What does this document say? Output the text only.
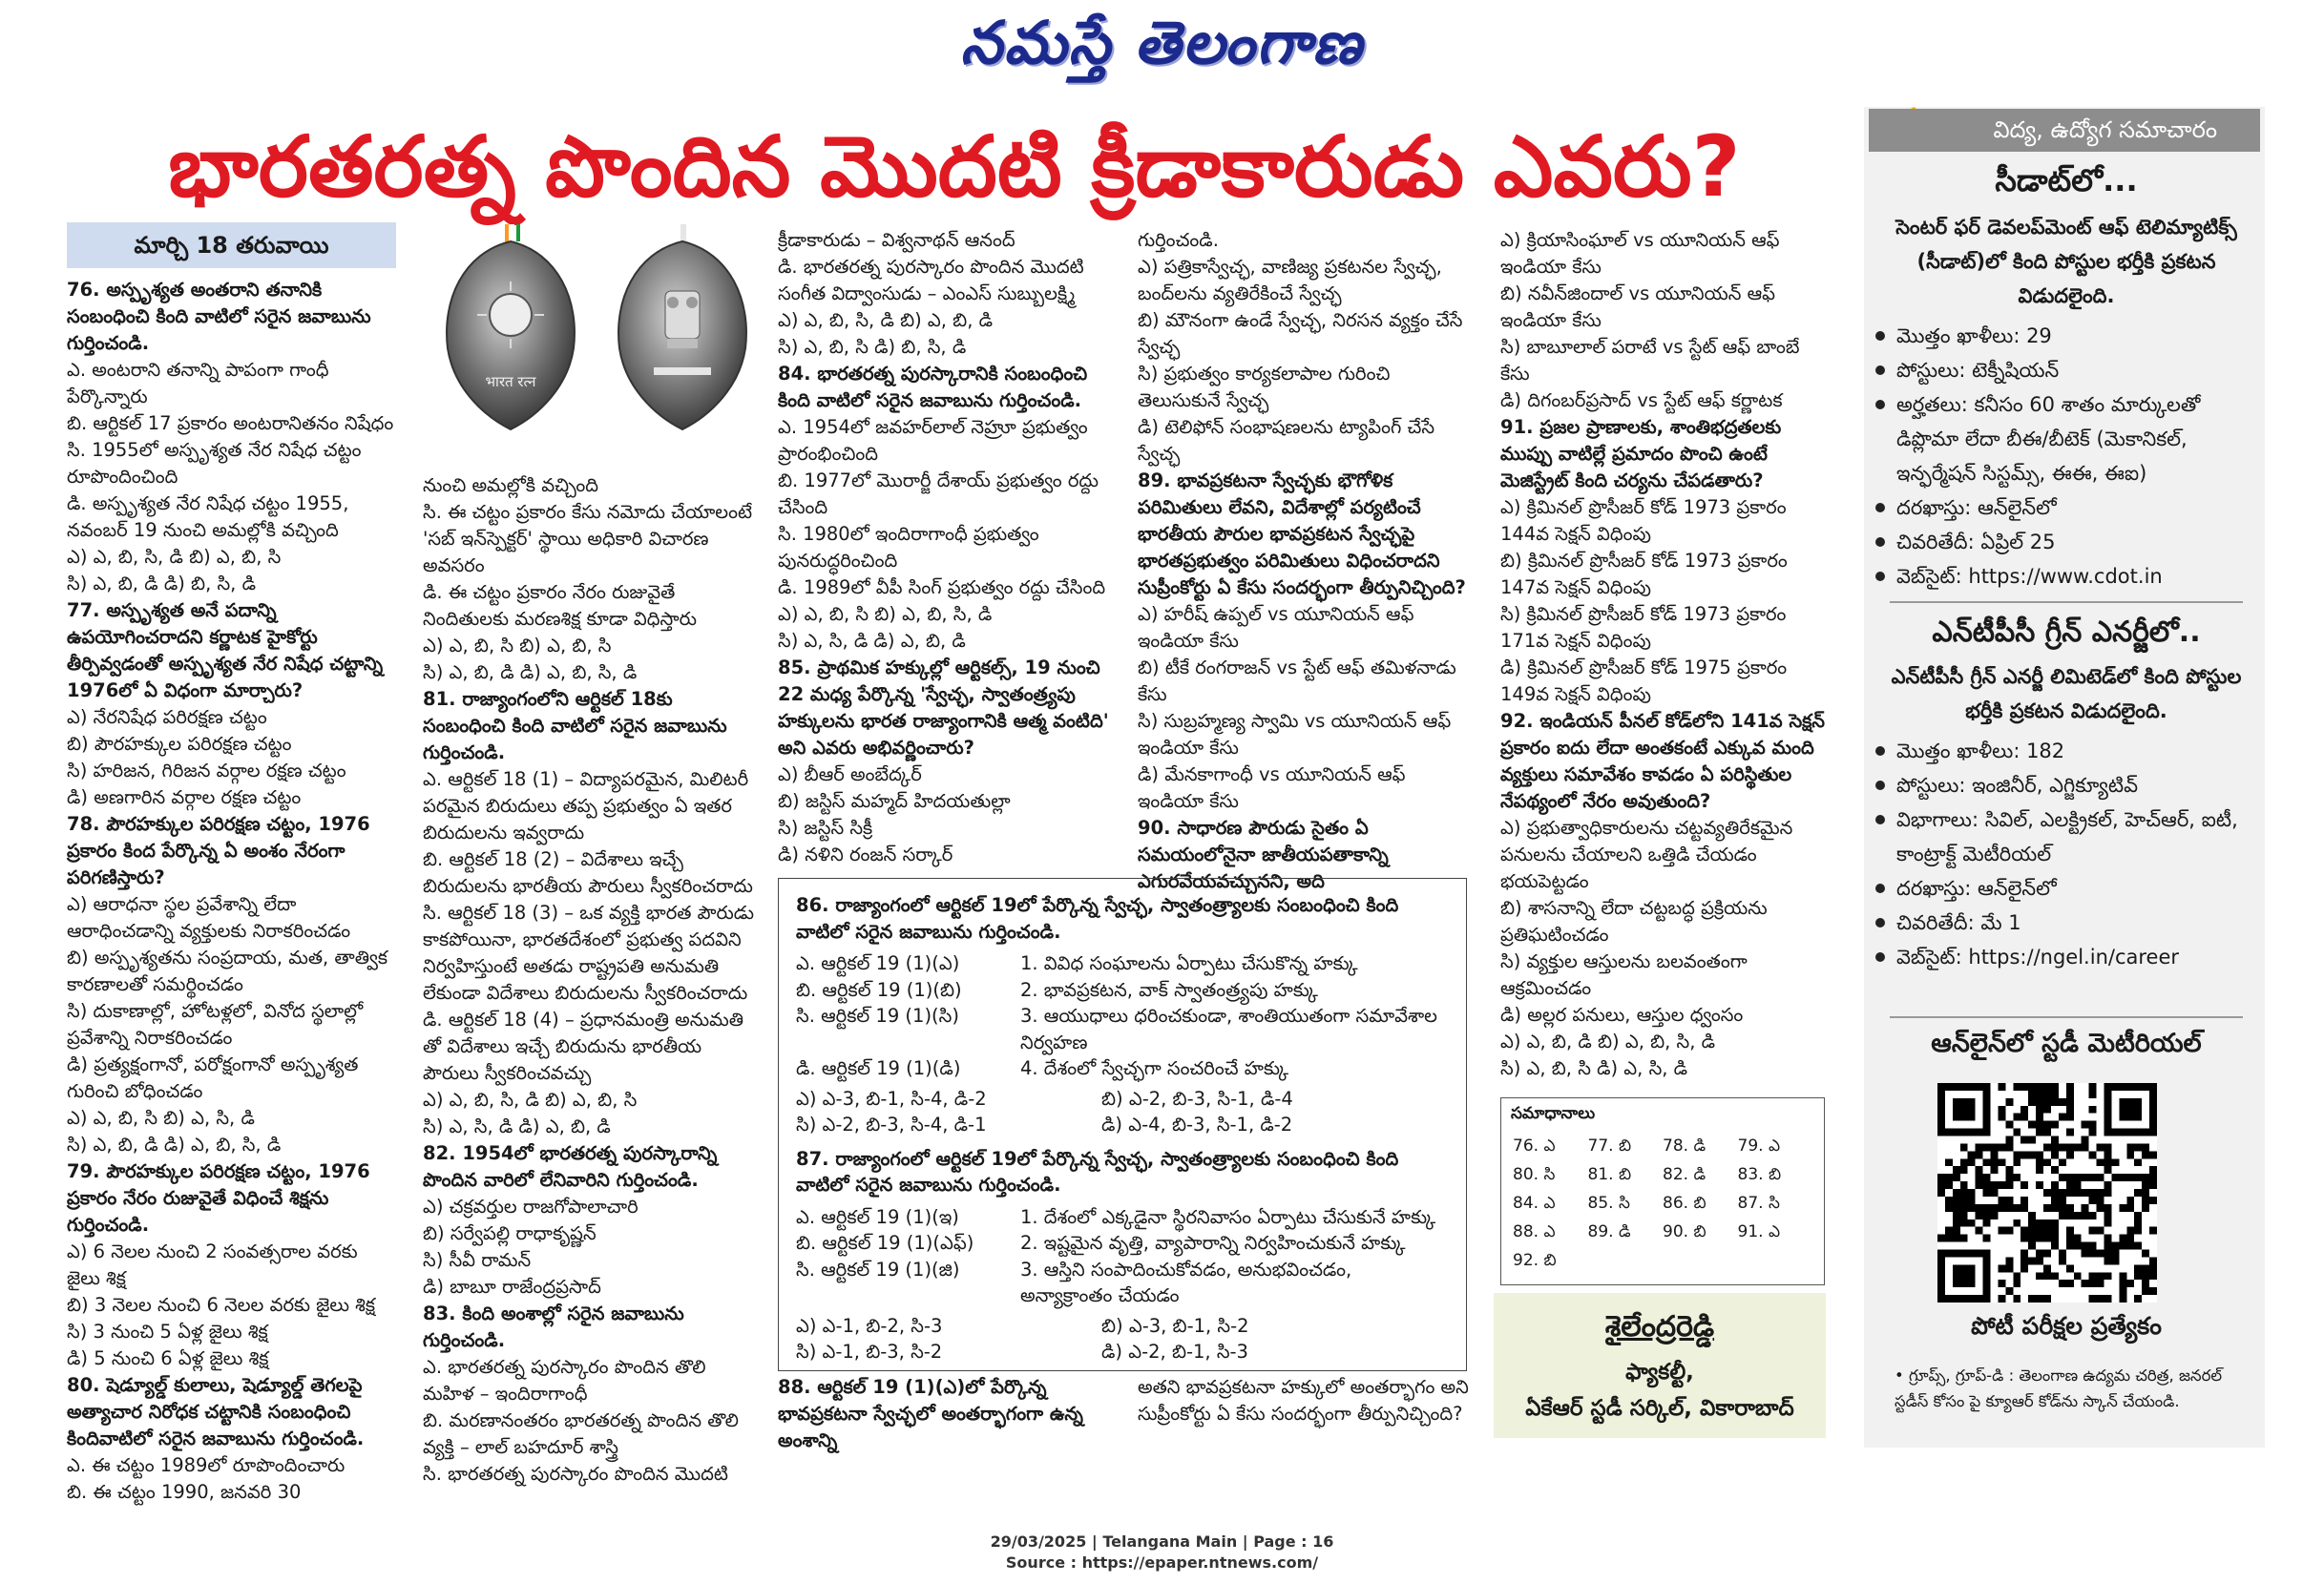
నమస్తే తెలంగాణ
భారతరత్న పొందిన మొదటి క్రీడాకారుడు ఎవరు?
మార్చి 18 తరువాయి
भारत रत्न

76. అస్పృశ్యత అంతరాని తనానికి సంబంధించి కింది వాటిలో సరైన జవాబును గుర్తించండి.

ఎ. అంటరాని తనాన్ని పాపంగా గాంధీ పేర్కొన్నారు

బి. ఆర్టికల్ 17 ప్రకారం అంటరానితనం నిషేధం

సి. 1955లో అస్పృశ్యత నేర నిషేధ చట్టం రూపొందించింది

డి. అస్పృశ్యత నేర నిషేధ చట్టం 1955, నవంబర్ 19 నుంచి అమల్లోకి వచ్చింది

ఎ) ఎ, బి, సి, డి బి) ఎ, బి, సి

సి) ఎ, బి, డి డి) బి, సి, డి

77. అస్పృశ్యత అనే పదాన్ని ఉపయోగించరాదని కర్ణాటక హైకోర్టు తీర్పివ్వడంతో అస్పృశ్యత నేర నిషేధ చట్టాన్ని 1976లో ఏ విధంగా మార్చారు?

ఎ) నేరనిషేధ పరిరక్షణ చట్టం

బి) పౌరహక్కుల పరిరక్షణ చట్టం

సి) హరిజన, గిరిజన వర్గాల రక్షణ చట్టం

డి) అణగారిన వర్గాల రక్షణ చట్టం

78. పౌరహక్కుల పరిరక్షణ చట్టం, 1976 ప్రకారం కింద పేర్కొన్న ఏ అంశం నేరంగా పరిగణిస్తారు?

ఎ) ఆరాధనా స్థల ప్రవేశాన్ని లేదా ఆరాధించడాన్ని వ్యక్తులకు నిరాకరించడం

బి) అస్పృశ్యతను సంప్రదాయ, మత, తాత్విక కారణాలతో సమర్థించడం

సి) దుకాణాల్లో, హోటళ్లలో, వినోద స్థలాల్లో ప్రవేశాన్ని నిరాకరించడం

డి) ప్రత్యక్షంగానో, పరోక్షంగానో అస్పృశ్యత గురించి బోధించడం

ఎ) ఎ, బి, సి బి) ఎ, సి, డి

సి) ఎ, బి, డి డి) ఎ, బి, సి, డి

79. పౌరహక్కుల పరిరక్షణ చట్టం, 1976 ప్రకారం నేరం రుజువైతే విధించే శిక్షను గుర్తించండి.

ఎ) 6 నెలల నుంచి 2 సంవత్సరాల వరకు జైలు శిక్ష

బి) 3 నెలల నుంచి 6 నెలల వరకు జైలు శిక్ష

సి) 3 నుంచి 5 ఏళ్ల జైలు శిక్ష

డి) 5 నుంచి 6 ఏళ్ల జైలు శిక్ష

80. షెడ్యూల్డ్ కులాలు, షెడ్యూల్డ్ తెగలపై అత్యాచార నిరోధక చట్టానికి సంబంధించి కిందివాటిలో సరైన జవాబును గుర్తించండి.

ఎ. ఈ చట్టం 1989లో రూపొందించారు

బి. ఈ చట్టం 1990, జనవరి 30

నుంచి అమల్లోకి వచ్చింది

సి. ఈ చట్టం ప్రకారం కేసు నమోదు చేయాలంటే 'సబ్ ఇన్‌స్పెక్టర్' స్థాయి అధికారి విచారణ అవసరం

డి. ఈ చట్టం ప్రకారం నేరం రుజువైతే నిందితులకు మరణశిక్ష కూడా విధిస్తారు

ఎ) ఎ, బి, సి బి) ఎ, బి, సి

సి) ఎ, బి, డి డి) ఎ, బి, సి, డి

81. రాజ్యాంగంలోని ఆర్టికల్ 18కు సంబంధించి కింది వాటిలో సరైన జవాబును గుర్తించండి.

ఎ. ఆర్టికల్ 18 (1) – విద్యాపరమైన, మిలిటరీ పరమైన బిరుదులు తప్ప ప్రభుత్వం ఏ ఇతర బిరుదులను ఇవ్వరాదు

బి. ఆర్టికల్ 18 (2) – విదేశాలు ఇచ్చే బిరుదులను భారతీయ పౌరులు స్వీకరించరాదు

సి. ఆర్టికల్ 18 (3) – ఒక వ్యక్తి భారత పౌరుడు కాకపోయినా, భారతదేశంలో ప్రభుత్వ పదవిని నిర్వహిస్తుంటే అతడు రాష్ట్రపతి అనుమతి లేకుండా విదేశాలు బిరుదులను స్వీకరించరాదు

డి. ఆర్టికల్ 18 (4) – ప్రధానమంత్రి అనుమతి తో విదేశాలు ఇచ్చే బిరుదును భారతీయ పౌరులు స్వీకరించవచ్చు

ఎ) ఎ, బి, సి, డి బి) ఎ, బి, సి

సి) ఎ, సి, డి డి) ఎ, బి, డి

82. 1954లో భారతరత్న పురస్కారాన్ని పొందిన వారిలో లేనివారిని గుర్తించండి.

ఎ) చక్రవర్తుల రాజగోపాలాచారి

బి) సర్వేపల్లి రాధాకృష్ణన్

సి) సీవీ రామన్

డి) బాబూ రాజేంద్రప్రసాద్

83. కింది అంశాల్లో సరైన జవాబును గుర్తించండి.

ఎ. భారతరత్న పురస్కారం పొందిన తొలి మహిళ – ఇందిరాగాంధీ

బి. మరణానంతరం భారతరత్న పొందిన తొలి వ్యక్తి – లాల్ బహదూర్ శాస్త్రి

సి. భారతరత్న పురస్కారం పొందిన మొదటి

క్రీడాకారుడు – విశ్వనాథన్ ఆనంద్

డి. భారతరత్న పురస్కారం పొందిన మొదటి సంగీత విద్వాంసుడు – ఎంఎస్ సుబ్బులక్ష్మి

ఎ) ఎ, బి, సి, డి బి) ఎ, బి, డి

సి) ఎ, బి, సి డి) బి, సి, డి

84. భారతరత్న పురస్కారానికి సంబంధించి కింది వాటిలో సరైన జవాబును గుర్తించండి.

ఎ. 1954లో జవహర్‌లాల్ నెహ్రూ ప్రభుత్వం ప్రారంభించింది

బి. 1977లో మొరార్జీ దేశాయ్ ప్రభుత్వం రద్దు చేసింది

సి. 1980లో ఇందిరాగాంధీ ప్రభుత్వం పునరుద్ధరించింది

డి. 1989లో వీపీ సింగ్ ప్రభుత్వం రద్దు చేసింది

ఎ) ఎ, బి, సి బి) ఎ, బి, సి, డి

సి) ఎ, సి, డి డి) ఎ, బి, డి

85. ప్రాథమిక హక్కుల్లో ఆర్టికల్స్, 19 నుంచి 22 మధ్య పేర్కొన్న 'స్వేచ్ఛ, స్వాతంత్ర్యపు హక్కులను భారత రాజ్యాంగానికి ఆత్మ వంటిది' అని ఎవరు అభివర్ణించారు?

ఎ) బీఆర్ అంబేద్కర్

బి) జస్టిస్ మహ్మద్ హిదయతుల్లా

సి) జస్టిస్ సిక్రీ

డి) నళిని రంజన్ సర్కార్

గుర్తించండి.

ఎ) పత్రికాస్వేచ్ఛ, వాణిజ్య ప్రకటనల స్వేచ్ఛ, బంద్‌లను వ్యతిరేకించే స్వేచ్ఛ

బి) మౌనంగా ఉండే స్వేచ్ఛ, నిరసన వ్యక్తం చేసే స్వేచ్ఛ

సి) ప్రభుత్వం కార్యకలాపాల గురించి తెలుసుకునే స్వేచ్ఛ

డి) టెలిఫోన్ సంభాషణలను ట్యాపింగ్ చేసే స్వేచ్ఛ

89. భావప్రకటనా స్వేచ్ఛకు భౌగోళిక పరిమితులు లేవని, విదేశాల్లో పర్యటించే భారతీయ పౌరుల భావప్రకటన స్వేచ్ఛపై భారతప్రభుత్వం పరిమితులు విధించరాదని సుప్రీంకోర్టు ఏ కేసు సందర్భంగా తీర్పునిచ్చింది?

ఎ) హరీష్ ఉప్పల్ vs యూనియన్ ఆఫ్ ఇండియా కేసు

బి) టీకే రంగరాజన్ vs స్టేట్ ఆఫ్ తమిళనాడు కేసు

సి) సుబ్రహ్మణ్య స్వామి vs యూనియన్ ఆఫ్ ఇండియా కేసు

డి) మేనకాగాంధీ vs యూనియన్ ఆఫ్ ఇండియా కేసు

90. సాధారణ పౌరుడు సైతం ఏ సమయంలోనైనా జాతీయపతాకాన్ని ఎగురవేయవచ్చునని, అది

ఎ) క్రియాసింఘాల్ vs యూనియన్ ఆఫ్ ఇండియా కేసు

బి) నవీన్‌జిందాల్ vs యూనియన్ ఆఫ్ ఇండియా కేసు

సి) బాబూలాల్ పరాటే vs స్టేట్ ఆఫ్ బాంబే కేసు

డి) దిగంబర్‌ప్రసాద్ vs స్టేట్ ఆఫ్ కర్ణాటక

91. ప్రజల ప్రాణాలకు, శాంతిభద్రతలకు ముప్పు వాటిల్లే ప్రమాదం పొంచి ఉంటే మెజిస్ట్రేట్ కింది చర్యను చేపడతారు?

ఎ) క్రిమినల్ ప్రొసీజర్ కోడ్ 1973 ప్రకారం 144వ సెక్షన్ విధింపు

బి) క్రిమినల్ ప్రొసీజర్ కోడ్ 1973 ప్రకారం 147వ సెక్షన్ విధింపు

సి) క్రిమినల్ ప్రొసీజర్ కోడ్ 1973 ప్రకారం 171వ సెక్షన్ విధింపు

డి) క్రిమినల్ ప్రొసీజర్ కోడ్ 1975 ప్రకారం 149వ సెక్షన్ విధింపు

92. ఇండియన్ పీనల్ కోడ్‌లోని 141వ సెక్షన్ ప్రకారం ఐదు లేదా అంతకంటే ఎక్కువ మంది వ్యక్తులు సమావేశం కావడం ఏ పరిస్థితుల నేపథ్యంలో నేరం అవుతుంది?

ఎ) ప్రభుత్వాధికారులను చట్టవ్యతిరేకమైన పనులను చేయాలని ఒత్తిడి చేయడం భయపెట్టడం

బి) శాసనాన్ని లేదా చట్టబద్ధ ప్రక్రియను ప్రతిఘటించడం

సి) వ్యక్తుల ఆస్తులను బలవంతంగా ఆక్రమించడం

డి) అల్లర పనులు, ఆస్తుల ధ్వంసం

ఎ) ఎ, బి, డి బి) ఎ, బి, సి, డి

సి) ఎ, బి, సి డి) ఎ, సి, డి

86. రాజ్యాంగంలో ఆర్టికల్ 19లో పేర్కొన్న స్వేచ్ఛ, స్వాతంత్ర్యాలకు సంబంధించి కింది వాటిలో సరైన జవాబును గుర్తించండి.

ఎ. ఆర్టికల్ 19 (1)(ఎ)	1. వివిధ సంఘాలను ఏర్పాటు చేసుకొన్న హక్కు
బి. ఆర్టికల్ 19 (1)(బి)	2. భావప్రకటన, వాక్ స్వాతంత్ర్యపు హక్కు
సి. ఆర్టికల్ 19 (1)(సి)	3. ఆయుధాలు ధరించకుండా, శాంతియుతంగా సమావేశాల నిర్వహణ
డి. ఆర్టికల్ 19 (1)(డి)	4. దేశంలో స్వేచ్ఛగా సంచరించే హక్కు
ఎ) ఎ-3, బి-1, సి-4, డి-2	బి) ఎ-2, బి-3, సి-1, డి-4
సి) ఎ-2, బి-3, సి-4, డి-1	డి) ఎ-4, బి-3, సి-1, డి-2

87. రాజ్యాంగంలో ఆర్టికల్ 19లో పేర్కొన్న స్వేచ్ఛ, స్వాతంత్ర్యాలకు సంబంధించి కింది వాటిలో సరైన జవాబును గుర్తించండి.

ఎ. ఆర్టికల్ 19 (1)(ఇ)	1. దేశంలో ఎక్కడైనా స్థిరనివాసం ఏర్పాటు చేసుకునే హక్కు
బి. ఆర్టికల్ 19 (1)(ఎఫ్)	2. ఇష్టమైన వృత్తి, వ్యాపారాన్ని నిర్వహించుకునే హక్కు
సి. ఆర్టికల్ 19 (1)(జి)	3. ఆస్తిని సంపాదించుకోవడం, అనుభవించడం, అన్యాక్రాంతం చేయడం
ఎ) ఎ-1, బి-2, సి-3	బి) ఎ-3, బి-1, సి-2
సి) ఎ-1, బి-3, సి-2	డి) ఎ-2, బి-1, సి-3

88. ఆర్టికల్ 19 (1)(ఎ)లో పేర్కొన్న భావప్రకటనా స్వేచ్ఛలో అంతర్భాగంగా ఉన్న అంశాన్ని

అతని భావప్రకటనా హక్కులో అంతర్భాగం అని సుప్రీంకోర్టు ఏ కేసు సందర్భంగా తీర్పునిచ్చింది?

సమాధానాలు
76. ఎ	77. బి	78. డి	79. ఎ
80. సి	81. బి	82. డి	83. బి
84. ఎ	85. సి	86. బి	87. సి
88. ఎ	89. డి	90. బి	91. ఎ
92. బి
శైలేంద్రరెడ్డి
ఫ్యాకల్టీ,
ఏకేఆర్ స్టడీ సర్కిల్, వికారాబాద్
విద్య, ఉద్యోగ సమాచారం
సీడాట్‌లో...
సెంటర్ ఫర్ డెవలప్‌మెంట్ ఆఫ్ టెలిమ్యాటిక్స్ (సీడాట్)లో కింది పోస్టుల భర్తీకి ప్రకటన విడుదలైంది.
మొత్తం ఖాళీలు: 29
పోస్టులు: టెక్నీషియన్
అర్హతలు: కనీసం 60 శాతం మార్కులతో డిప్లొమా లేదా బీఈ/బీటెక్ (మెకానికల్, ఇన్ఫర్మేషన్ సిస్టమ్స్, ఈఈ, ఈఐ)
దరఖాస్తు: ఆన్‌లైన్‌లో
చివరితేదీ: ఏప్రిల్ 25
వెబ్‌సైట్: https://www.cdot.in
ఎన్‌టీపీసీ గ్రీన్ ఎనర్జీలో..
ఎన్‌టీపీసీ గ్రీన్ ఎనర్జీ లిమిటెడ్‌లో కింది పోస్టుల భర్తీకి ప్రకటన విడుదలైంది.
మొత్తం ఖాళీలు: 182
పోస్టులు: ఇంజినీర్, ఎగ్జిక్యూటివ్
విభాగాలు: సివిల్, ఎలక్ట్రికల్, హెచ్‌ఆర్, ఐటీ, కాంట్రాక్ట్ మెటీరియల్
దరఖాస్తు: ఆన్‌లైన్‌లో
చివరితేదీ: మే 1
వెబ్‌సైట్: https://ngel.in/career
ఆన్‌లైన్‌లో స్టడీ మెటీరియల్
పోటీ పరీక్షల ప్రత్యేకం
• గ్రూప్స్, గ్రూప్-డి : తెలంగాణ ఉద్యమ చరిత్ర, జనరల్ స్టడీస్ కోసం పై క్యూఆర్ కోడ్‌ను స్కాన్ చేయండి.
29/03/2025 | Telangana Main | Page : 16
Source : https://epaper.ntnews.com/
